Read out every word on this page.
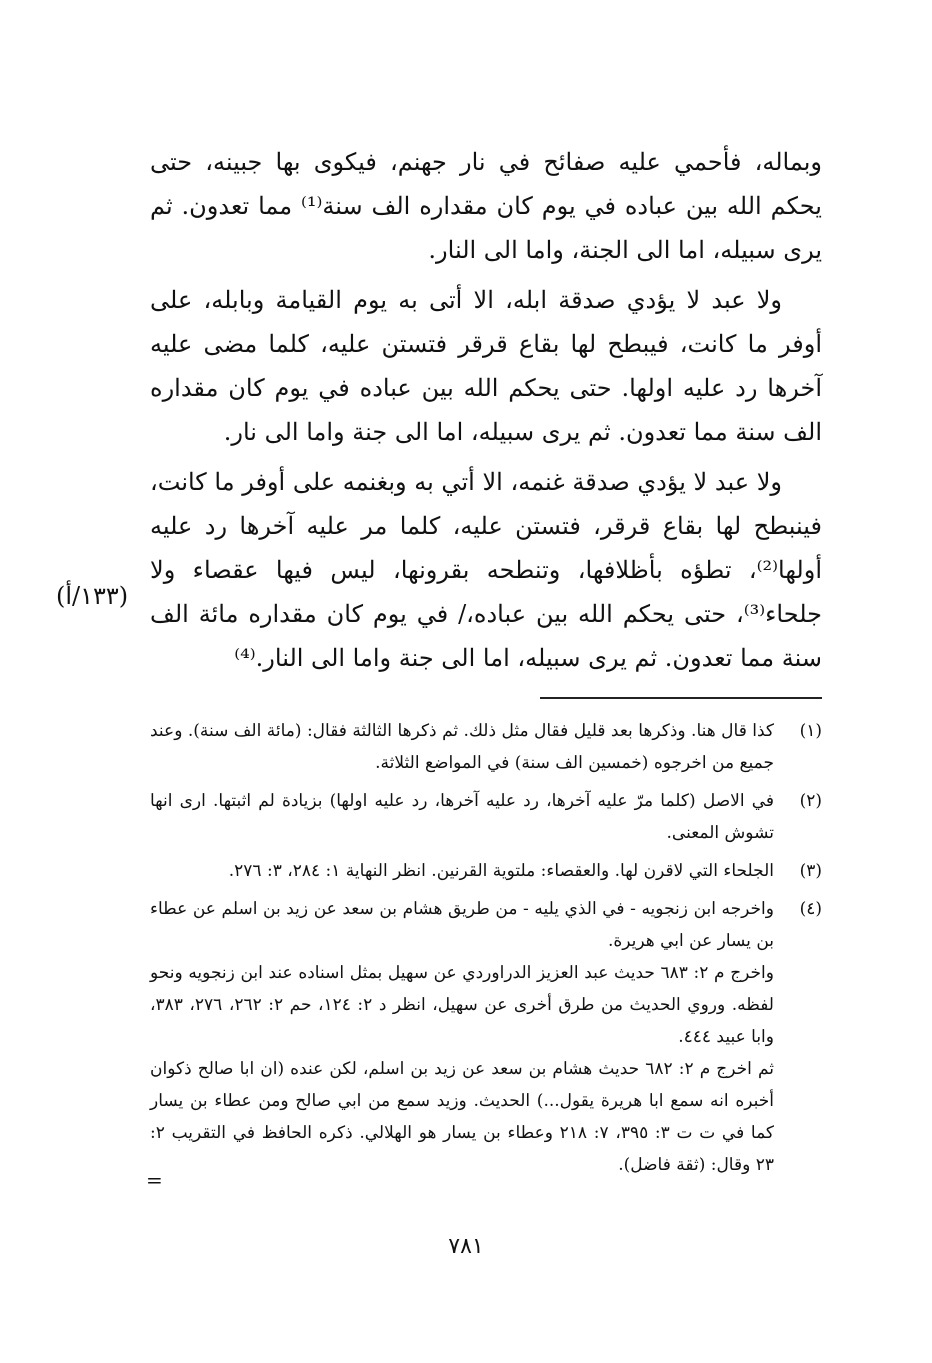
وبماله، فأحمي عليه صفائح في نار جهنم، فيكوى بها جبينه، حتى يحكم الله بين عباده في يوم كان مقداره الف سنة⁽¹⁾ مما تعدون. ثم يرى سبيله، اما الى الجنة، واما الى النار.

ولا عبد لا يؤدي صدقة ابله، الا أتى به يوم القيامة وبابله، على أوفر ما كانت، فيبطح لها بقاع قرقر فتستن عليه، كلما مضى عليه آخرها رد عليه اولها. حتى يحكم الله بين عباده في يوم كان مقداره الف سنة مما تعدون. ثم يرى سبيله، اما الى جنة واما الى نار.

ولا عبد لا يؤدي صدقة غنمه، الا أتي به وبغنمه على أوفر ما كانت، فينبطح لها بقاع قرقر، فتستن عليه، كلما مر عليه آخرها رد عليه أولها⁽²⁾، تطؤه بأظلافها، وتنطحه بقرونها، ليس فيها عقصاء ولا جلحاء⁽³⁾، حتى يحكم الله بين عباده،/ في يوم كان مقداره مائة الف سنة مما تعدون. ثم يرى سبيله، اما الى جنة واما الى النار.⁽⁴⁾

(١٣٣/أ)
(١)
كذا قال هنا. وذكرها بعد قليل فقال مثل ذلك. ثم ذكرها الثالثة فقال: (مائة الف سنة). وعند جميع من اخرجوه (خمسين الف سنة) في المواضع الثلاثة.
(٢)
في الاصل (كلما مرّ عليه آخرها، رد عليه آخرها، رد عليه اولها) بزيادة لم اثبتها. ارى انها تشوش المعنى.
(٣)
الجلحاء التي لاقرن لها. والعقصاء: ملتوية القرنين. انظر النهاية ١: ٢٨٤، ٣: ٢٧٦.
(٤)
واخرجه ابن زنجويه - في الذي يليه - من طريق هشام بن سعد عن زيد بن اسلم عن عطاء بن يسار عن ابي هريرة.
واخرج م ٢: ٦٨٣ حديث عبد العزيز الدراوردي عن سهيل بمثل اسناده عند ابن زنجويه ونحو لفظه. وروي الحديث من طرق أخرى عن سهيل، انظر د ٢: ١٢٤، حم ٢: ٢٦٢، ٢٧٦، ٣٨٣، وابا عبيد ٤٤٤.
ثم اخرج م ٢: ٦٨٢ حديث هشام بن سعد عن زيد بن اسلم، لكن عنده (ان ابا صالح ذكوان أخبره انه سمع ابا هريرة يقول...) الحديث. وزيد سمع من ابي صالح ومن عطاء بن يسار كما في ت ت ٣: ٣٩٥، ٧: ٢١٨ وعطاء بن يسار هو الهلالي. ذكره الحافظ في التقريب ٢: ٢٣ وقال: (ثقة فاضل).
=
٧٨١
